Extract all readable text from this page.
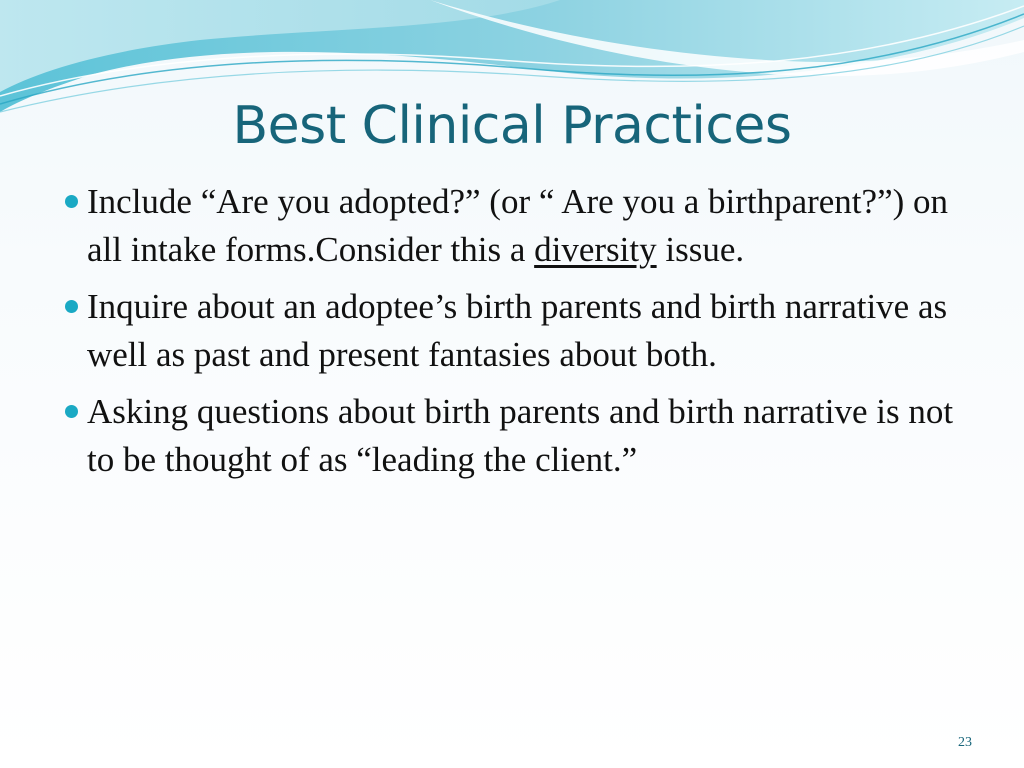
Best Clinical Practices
Include “Are you adopted?” (or “ Are you a birthparent?”) on all intake forms.Consider this a diversity issue.
Inquire about an adoptee’s birth parents and birth narrative as well as past and present fantasies about both.
Asking questions about birth parents and birth narrative is not to be thought of as “leading the client.”
23
